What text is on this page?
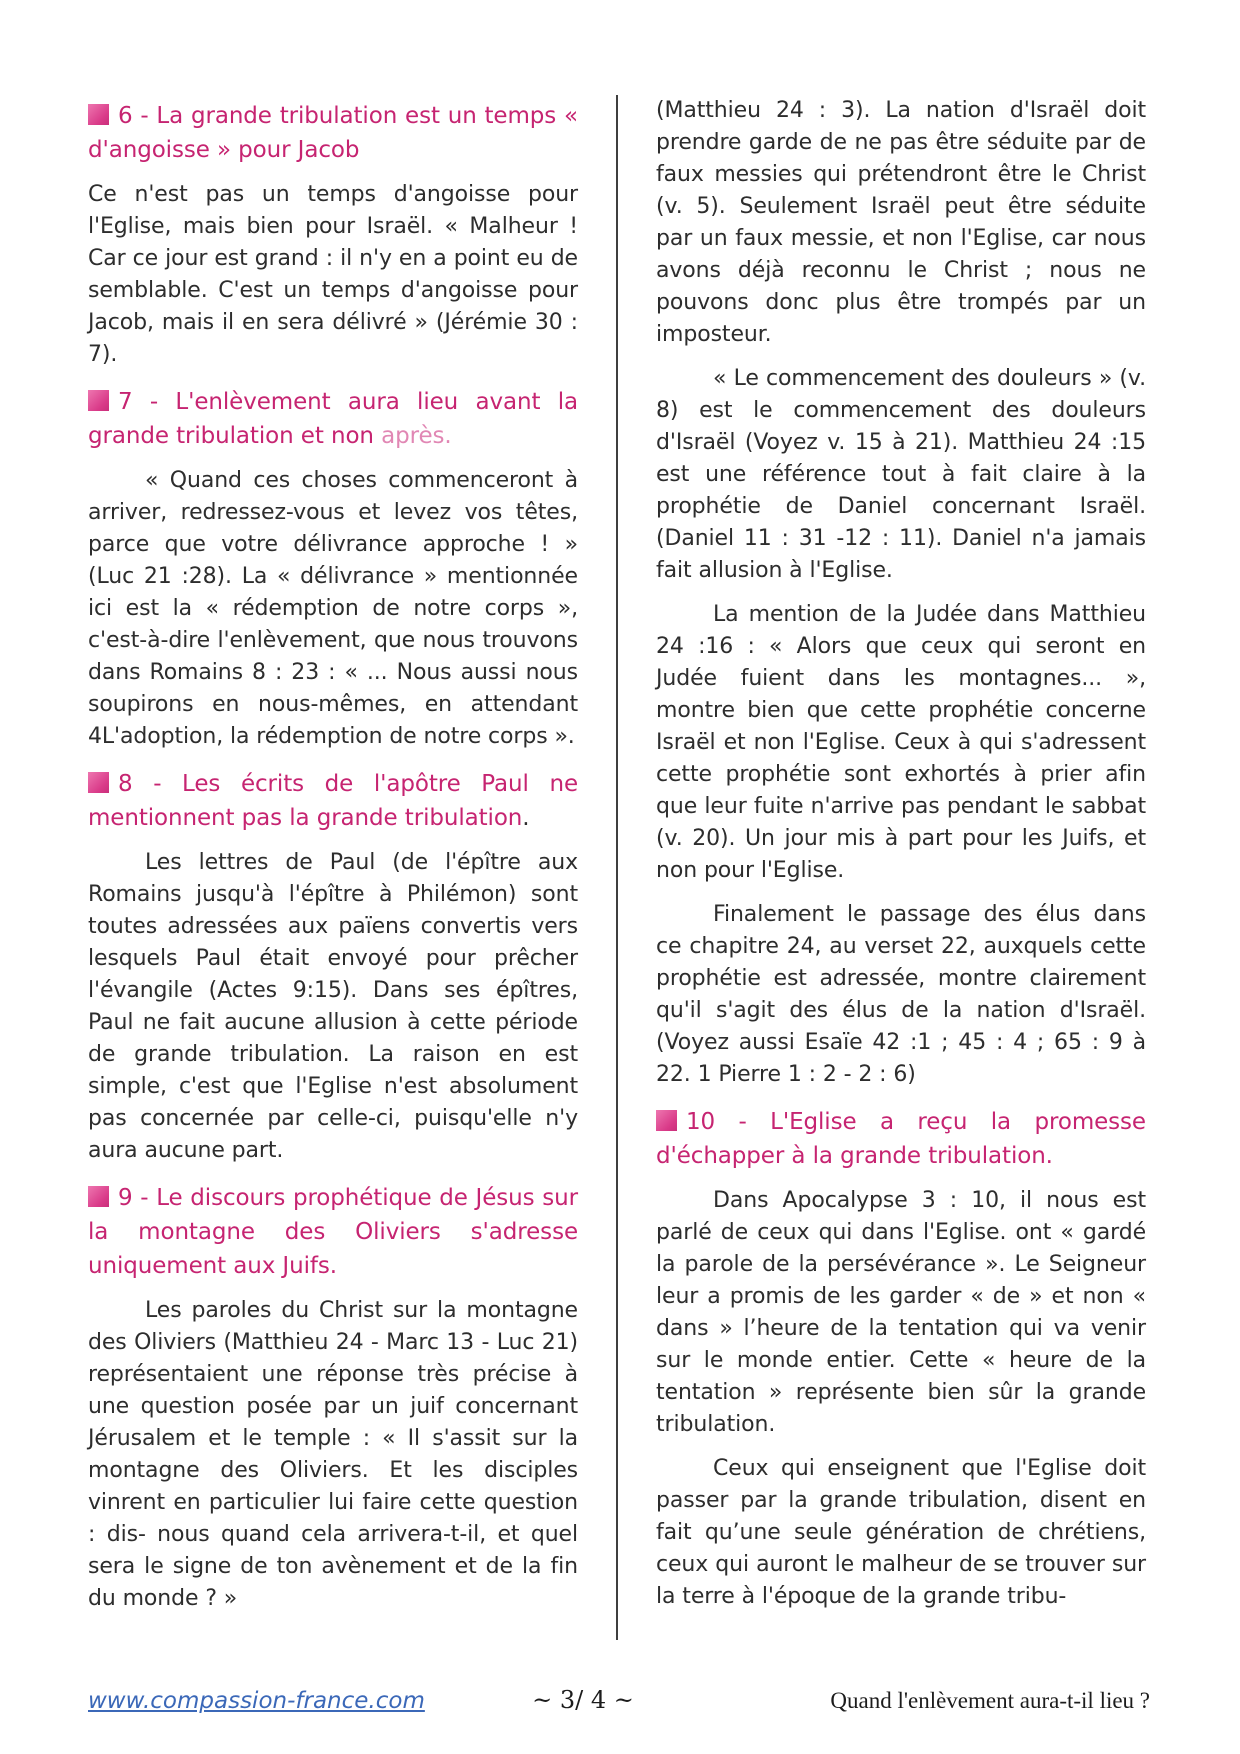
6 - La grande tribulation est un temps « d'angoisse » pour Jacob

Ce n'est pas un temps d'angoisse pour l'Eglise, mais bien pour Israël. « Malheur ! Car ce jour est grand : il n'y en a point eu de semblable. C'est un temps d'angoisse pour Jacob, mais il en sera délivré » (Jérémie 30 : 7).

7 - L'enlèvement aura lieu avant la grande tribulation et non après.

« Quand ces choses commenceront à arriver, redressez-vous et levez vos têtes, parce que votre délivrance approche ! » (Luc 21 :28). La « délivrance » mentionnée ici est la « rédemption de notre corps », c'est-à-dire l'enlèvement, que nous trouvons dans Romains 8 : 23 : « ... Nous aussi nous soupirons en nous-mêmes, en attendant 4L'adoption, la rédemption de notre corps ».

8 - Les écrits de l'apôtre Paul ne mentionnent pas la grande tribulation.

Les lettres de Paul (de l'épître aux Romains jusqu'à l'épître à Philémon) sont toutes adressées aux païens convertis vers lesquels Paul était envoyé pour prêcher l'évangile (Actes 9:15). Dans ses épîtres, Paul ne fait aucune allusion à cette période de grande tribulation. La raison en est simple, c'est que l'Eglise n'est absolument pas concernée par celle-ci, puisqu'elle n'y aura aucune part.

9 - Le discours prophétique de Jésus sur la montagne des Oliviers s'adresse uniquement aux Juifs.

Les paroles du Christ sur la montagne des Oliviers (Matthieu 24 - Marc 13 - Luc 21) représentaient une réponse très précise à une question posée par un juif concernant Jérusalem et le temple : « Il s'assit sur la montagne des Oliviers. Et les disciples vinrent en particulier lui faire cette question : dis- nous quand cela arrivera-t-il, et quel sera le signe de ton avènement et de la fin du monde ? »

(Matthieu 24 : 3). La nation d'Israël doit prendre garde de ne pas être séduite par de faux messies qui prétendront être le Christ (v. 5). Seulement Israël peut être séduite par un faux messie, et non l'Eglise, car nous avons déjà reconnu le Christ ; nous ne pouvons donc plus être trompés par un imposteur.

« Le commencement des douleurs » (v. 8) est le commencement des douleurs d'Israël (Voyez v. 15 à 21). Matthieu 24 :15 est une référence tout à fait claire à la prophétie de Daniel concernant Israël. (Daniel 11 : 31 -12 : 11). Daniel n'a jamais fait allusion à l'Eglise.

La mention de la Judée dans Matthieu 24 :16 : « Alors que ceux qui seront en Judée fuient dans les montagnes... », montre bien que cette prophétie concerne Israël et non l'Eglise. Ceux à qui s'adressent cette prophétie sont exhortés à prier afin que leur fuite n'arrive pas pendant le sabbat (v. 20). Un jour mis à part pour les Juifs, et non pour l'Eglise.

Finalement le passage des élus dans ce chapitre 24, au verset 22, auxquels cette prophétie est adressée, montre clairement qu'il s'agit des élus de la nation d'Israël. (Voyez aussi Esaïe 42 :1 ; 45 : 4 ; 65 : 9 à 22. 1 Pierre 1 : 2 - 2 : 6)

10 - L'Eglise a reçu la promesse d'échapper à la grande tribulation.

Dans Apocalypse 3 : 10, il nous est parlé de ceux qui dans l'Eglise. ont « gardé la parole de la persévérance ». Le Seigneur leur a promis de les garder « de » et non « dans » l’heure de la tentation qui va venir sur le monde entier. Cette « heure de la tentation » représente bien sûr la grande tribulation.

Ceux qui enseignent que l'Eglise doit passer par la grande tribulation, disent en fait qu’une seule génération de chrétiens, ceux qui auront le malheur de se trouver sur la terre à l'époque de la grande tribu-

www.compassion-france.com	~ 3/ 4 ~	Quand l'enlèvement aura-t-il lieu ?
